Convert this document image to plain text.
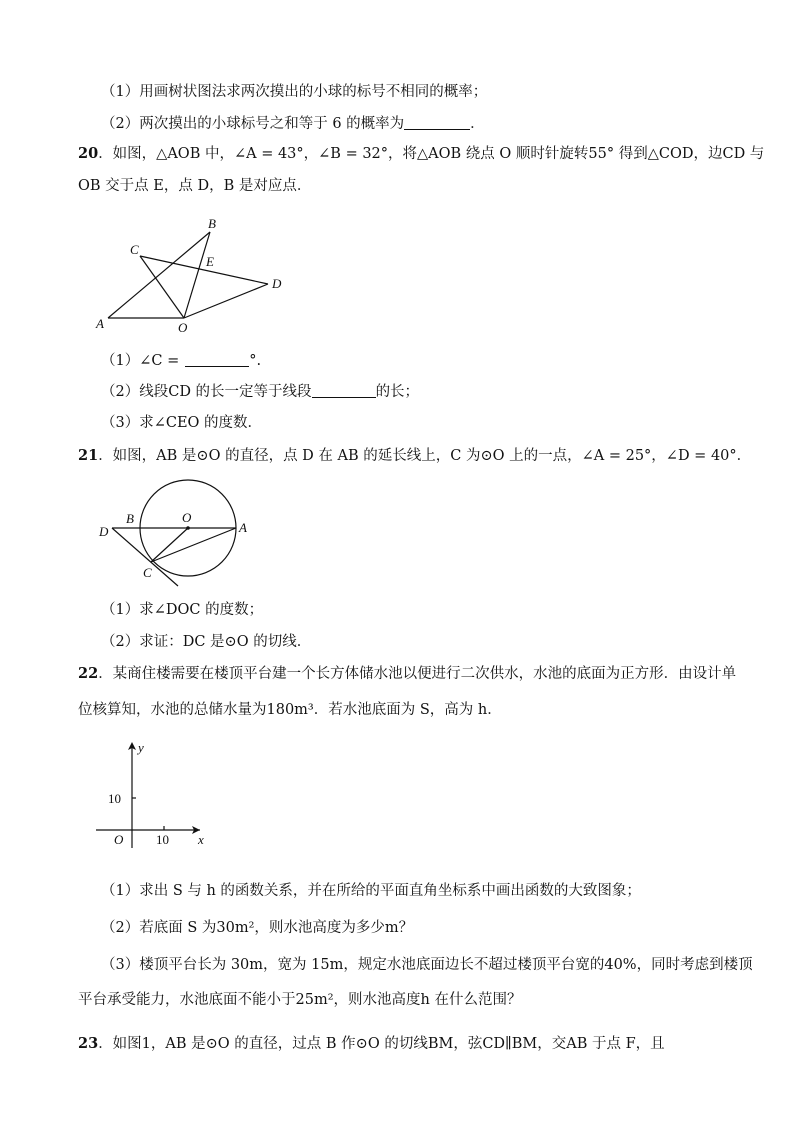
（1）用画树状图法求两次摸出的小球的标号不相同的概率；
（2）两次摸出的小球标号之和等于 6 的概率为	．
20．如图，△AOB 中，∠A = 43°，∠B = 32°，将△AOB 绕点 O 顺时针旋转55° 得到△COD，边CD 与
OB 交于点 E，点 D，B 是对应点．
A	O
B
C
E
D
（1）∠C =	°.
（2）线段CD 的长一定等于线段	的长；
（3）求∠CEO 的度数．
21．如图，AB 是⊙O 的直径，点 D 在 AB 的延长线上，C 为⊙O 上的一点，∠A = 25°，∠D = 40°．
D
B	O
A
C
（1）求∠DOC 的度数；
（2）求证：DC 是⊙O 的切线．
22．某商住楼需要在楼顶平台建一个长方体储水池以便进行二次供水，水池的底面为正方形．由设计单
位核算知，水池的总储水量为180m³．若水池底面为 S，高为 h．
y
x
O
10
10
（1）求出 S 与 h 的函数关系，并在所给的平面直角坐标系中画出函数的大致图象；
（2）若底面 S 为30m²，则水池高度为多少m？
（3）楼顶平台长为 30m，宽为 15m，规定水池底面边长不超过楼顶平台宽的40%，同时考虑到楼顶
平台承受能力，水池底面不能小于25m²，则水池高度h 在什么范围？
23．如图1，AB 是⊙O 的直径，过点 B 作⊙O 的切线BM，弦CD∥BM，交AB 于点 F，且
